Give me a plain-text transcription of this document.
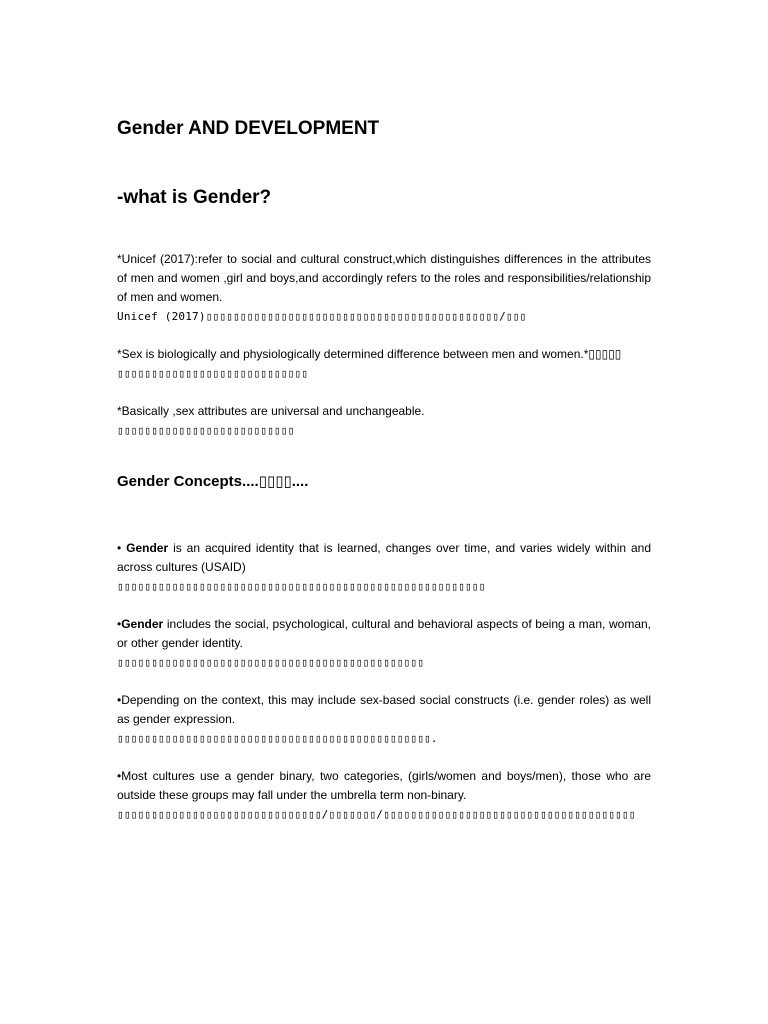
Gender AND DEVELOPMENT
-what is Gender?
*Unicef (2017):refer to social and cultural construct,which distinguishes differences in the attributes of men and women ,girl and boys,and accordingly refers to the roles and responsibilities/relationship of men and women.
Unicef (2017)▯▯▯▯▯▯▯▯▯▯▯▯▯▯▯▯▯▯▯▯▯▯▯▯▯▯▯▯▯▯▯▯▯▯▯▯▯▯▯▯▯▯▯/▯▯▯
*Sex is biologically and physiologically determined difference between men and women.*▯▯▯▯▯
▯▯▯▯▯▯▯▯▯▯▯▯▯▯▯▯▯▯▯▯▯▯▯▯▯▯▯▯
*Basically ,sex attributes are universal and unchangeable.
▯▯▯▯▯▯▯▯▯▯▯▯▯▯▯▯▯▯▯▯▯▯▯▯▯▯
Gender Concepts....▯▯▯▯....
• Gender is an acquired identity that is learned, changes over time, and varies widely within and across cultures (USAID)
▯▯▯▯▯▯▯▯▯▯▯▯▯▯▯▯▯▯▯▯▯▯▯▯▯▯▯▯▯▯▯▯▯▯▯▯▯▯▯▯▯▯▯▯▯▯▯▯▯▯▯▯▯▯
•Gender includes the social, psychological, cultural and behavioral aspects of being a man, woman, or other gender identity.
▯▯▯▯▯▯▯▯▯▯▯▯▯▯▯▯▯▯▯▯▯▯▯▯▯▯▯▯▯▯▯▯▯▯▯▯▯▯▯▯▯▯▯▯▯
•Depending on the context, this may include sex-based social constructs (i.e. gender roles) as well as gender expression.
▯▯▯▯▯▯▯▯▯▯▯▯▯▯▯▯▯▯▯▯▯▯▯▯▯▯▯▯▯▯▯▯▯▯▯▯▯▯▯▯▯▯▯▯▯▯.
•Most cultures use a gender binary, two categories, (girls/women and boys/men), those who are outside these groups may fall under the umbrella term non-binary.
▯▯▯▯▯▯▯▯▯▯▯▯▯▯▯▯▯▯▯▯▯▯▯▯▯▯▯▯▯▯/▯▯▯▯▯▯▯/▯▯▯▯▯▯▯▯▯▯▯▯▯▯▯▯▯▯▯▯▯▯▯▯▯▯▯▯▯▯▯▯▯▯▯▯▯
